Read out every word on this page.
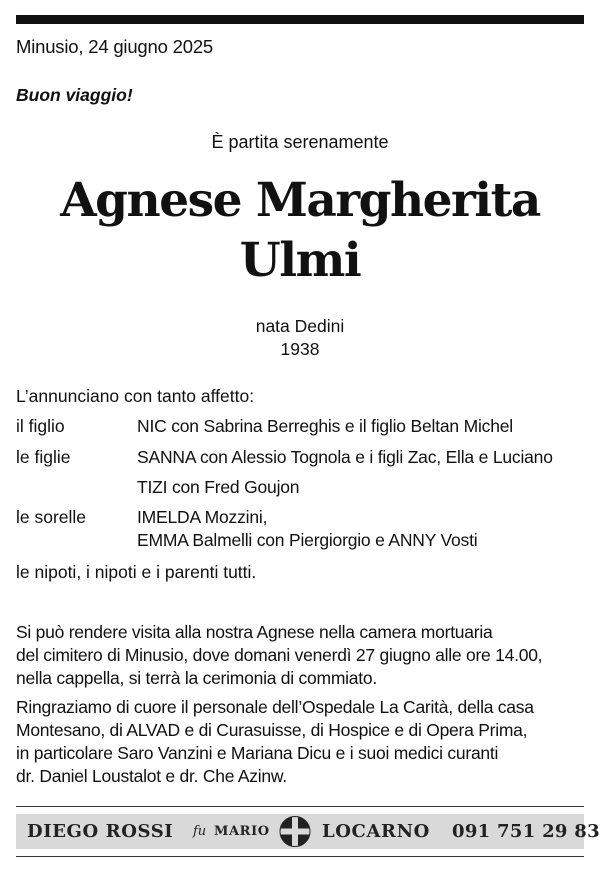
Minusio, 24 giugno 2025
Buon viaggio!
È partita serenamente
Agnese Margherita
Ulmi
nata Dedini
1938
L’annunciano con tanto affetto:
il figlio	NIC con Sabrina Berreghis e il figlio Beltan Michel
le figlie	SANNA con Alessio Tognola e i figli Zac, Ella e Luciano
TIZI con Fred Goujon
le sorelle	IMELDA Mozzini,
EMMA Balmelli con Piergiorgio e ANNY Vosti
le nipoti, i nipoti e i parenti tutti.
Si può rendere visita alla nostra Agnese nella camera mortuaria
del cimitero di Minusio, dove domani venerdì 27 giugno alle ore 14.00,
nella cappella, si terrà la cerimonia di commiato.
Ringraziamo di cuore il personale dell’Ospedale La Carità, della casa
Montesano, di ALVAD e di Curasuisse, di Hospice e di Opera Prima,
in particolare Saro Vanzini e Mariana Dicu e i suoi medici curanti
dr. Daniel Loustalot e dr. Che Azinw.
DIEGO ROSSI fu MARIO	LOCARNO 091 751 29 83
